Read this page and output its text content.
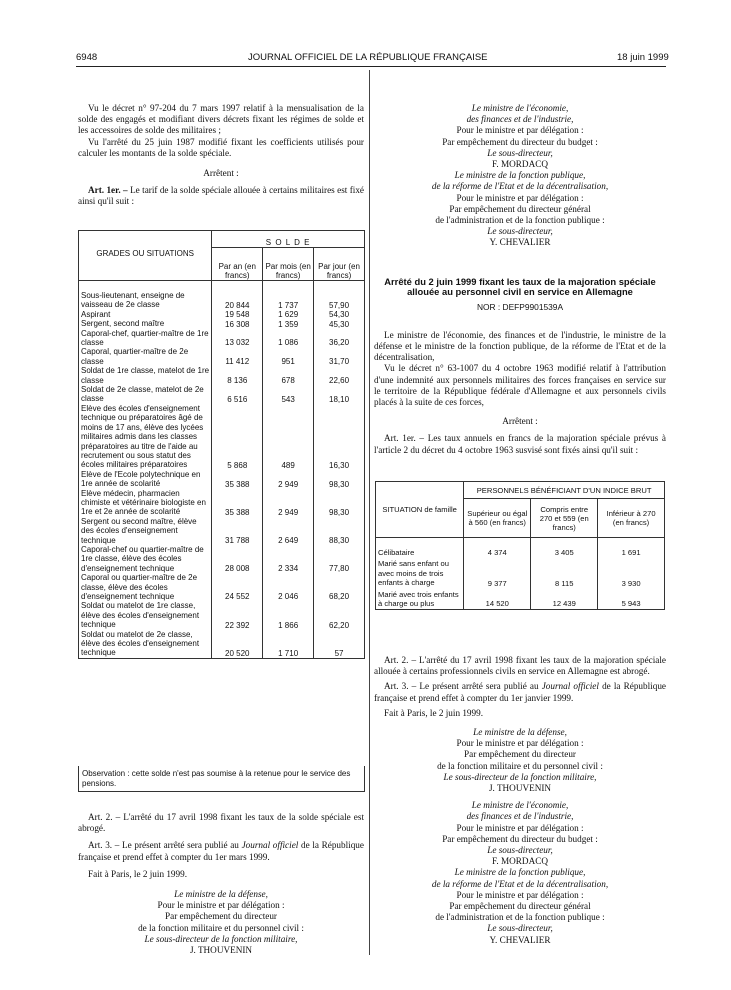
6948	JOURNAL OFFICIEL DE LA RÉPUBLIQUE FRANÇAISE	18 juin 1999

Vu le décret n° 97-204 du 7 mars 1997 relatif à la mensualisation de la solde des engagés et modifiant divers décrets fixant les régimes de solde et les accessoires de solde des militaires ;

Vu l'arrêté du 25 juin 1987 modifié fixant les coefficients utilisés pour calculer les montants de la solde spéciale.

Arrêtent :

Art. 1er. – Le tarif de la solde spéciale allouée à certains militaires est fixé ainsi qu'il suit :

GRADES OU SITUATIONS	S O L D E		
	Par an (en francs)	Par mois (en francs)	Par jour (en francs)
Sous-lieutenant, enseigne de vaisseau de 2e classe	20 844	1 737	57,90
Aspirant	19 548	1 629	54,30
Sergent, second maître	16 308	1 359	45,30
Caporal-chef, quartier-maître de 1re classe	13 032	1 086	36,20
Caporal, quartier-maître de 2e classe	11 412	951	31,70
Soldat de 1re classe, matelot de 1re classe	8 136	678	22,60
Soldat de 2e classe, matelot de 2e classe	6 516	543	18,10
Elève des écoles d'enseignement technique ou préparatoires âgé de moins de 17 ans, élève des lycées militaires admis dans les classes préparatoires au titre de l'aide au recrutement ou sous statut des écoles militaires préparatoires	5 868	489	16,30
Elève de l'Ecole polytechnique en 1re année de scolarité	35 388	2 949	98,30
Elève médecin, pharmacien chimiste et vétérinaire biologiste en 1re et 2e année de scolarité	35 388	2 949	98,30
Sergent ou second maître, élève des écoles d'enseignement technique	31 788	2 649	88,30
Caporal-chef ou quartier-maître de 1re classe, élève des écoles d'enseignement technique	28 008	2 334	77,80
Caporal ou quartier-maître de 2e classe, élève des écoles d'enseignement technique	24 552	2 046	68,20
Soldat ou matelot de 1re classe, élève des écoles d'enseignement technique	22 392	1 866	62,20
Soldat ou matelot de 2e classe, élève des écoles d'enseignement technique	20 520	1 710	57
Observation : cette solde n'est pas soumise à la retenue pour le service des pensions.

Art. 2. – L'arrêté du 17 avril 1998 fixant les taux de la solde spéciale est abrogé.

Art. 3. – Le présent arrêté sera publié au Journal officiel de la République française et prend effet à compter du 1er mars 1999.

Fait à Paris, le 2 juin 1999.

Le ministre de la défense,
Pour le ministre et par délégation :
Par empêchement du directeur
de la fonction militaire et du personnel civil :
Le sous-directeur de la fonction militaire,
J. THOUVENIN
Le ministre de l'économie,
des finances et de l'industrie,
Pour le ministre et par délégation :
Par empêchement du directeur du budget :
Le sous-directeur,
F. MORDACQ
Le ministre de la fonction publique,
de la réforme de l'Etat et de la décentralisation,
Pour le ministre et par délégation :
Par empêchement du directeur général
de l'administration et de la fonction publique :
Le sous-directeur,
Y. CHEVALIER
Arrêté du 2 juin 1999 fixant les taux de la majoration spéciale allouée au personnel civil en service en Allemagne
NOR : DEFP9901539A

Le ministre de l'économie, des finances et de l'industrie, le ministre de la défense et le ministre de la fonction publique, de la réforme de l'Etat et de la décentralisation,

Vu le décret n° 63-1007 du 4 octobre 1963 modifié relatif à l'attribution d'une indemnité aux personnels militaires des forces françaises en service sur le territoire de la République fédérale d'Allemagne et aux personnels civils placés à la suite de ces forces,

Arrêtent :

Art. 1er. – Les taux annuels en francs de la majoration spéciale prévus à l'article 2 du décret du 4 octobre 1963 susvisé sont fixés ainsi qu'il suit :

SITUATION de famille	PERSONNELS BÉNÉFICIANT D'UN INDICE BRUT		
	Supérieur ou égal à 560 (en francs)	Compris entre 270 et 559 (en francs)	Inférieur à 270 (en francs)
Célibataire	4 374	3 405	1 691
Marié sans enfant ou avec moins de trois enfants à charge	9 377	8 115	3 930
Marié avec trois enfants à charge ou plus	14 520	12 439	5 943

Art. 2. – L'arrêté du 17 avril 1998 fixant les taux de la majoration spéciale allouée à certains professionnels civils en service en Allemagne est abrogé.

Art. 3. – Le présent arrêté sera publié au Journal officiel de la République française et prend effet à compter du 1er janvier 1999.

Fait à Paris, le 2 juin 1999.

Le ministre de la défense,
Pour le ministre et par délégation :
Par empêchement du directeur
de la fonction militaire et du personnel civil :
Le sous-directeur de la fonction militaire,
J. THOUVENIN
Le ministre de l'économie,
des finances et de l'industrie,
Pour le ministre et par délégation :
Par empêchement du directeur du budget :
Le sous-directeur,
F. MORDACQ
Le ministre de la fonction publique,
de la réforme de l'Etat et de la décentralisation,
Pour le ministre et par délégation :
Par empêchement du directeur général
de l'administration et de la fonction publique :
Le sous-directeur,
Y. CHEVALIER
